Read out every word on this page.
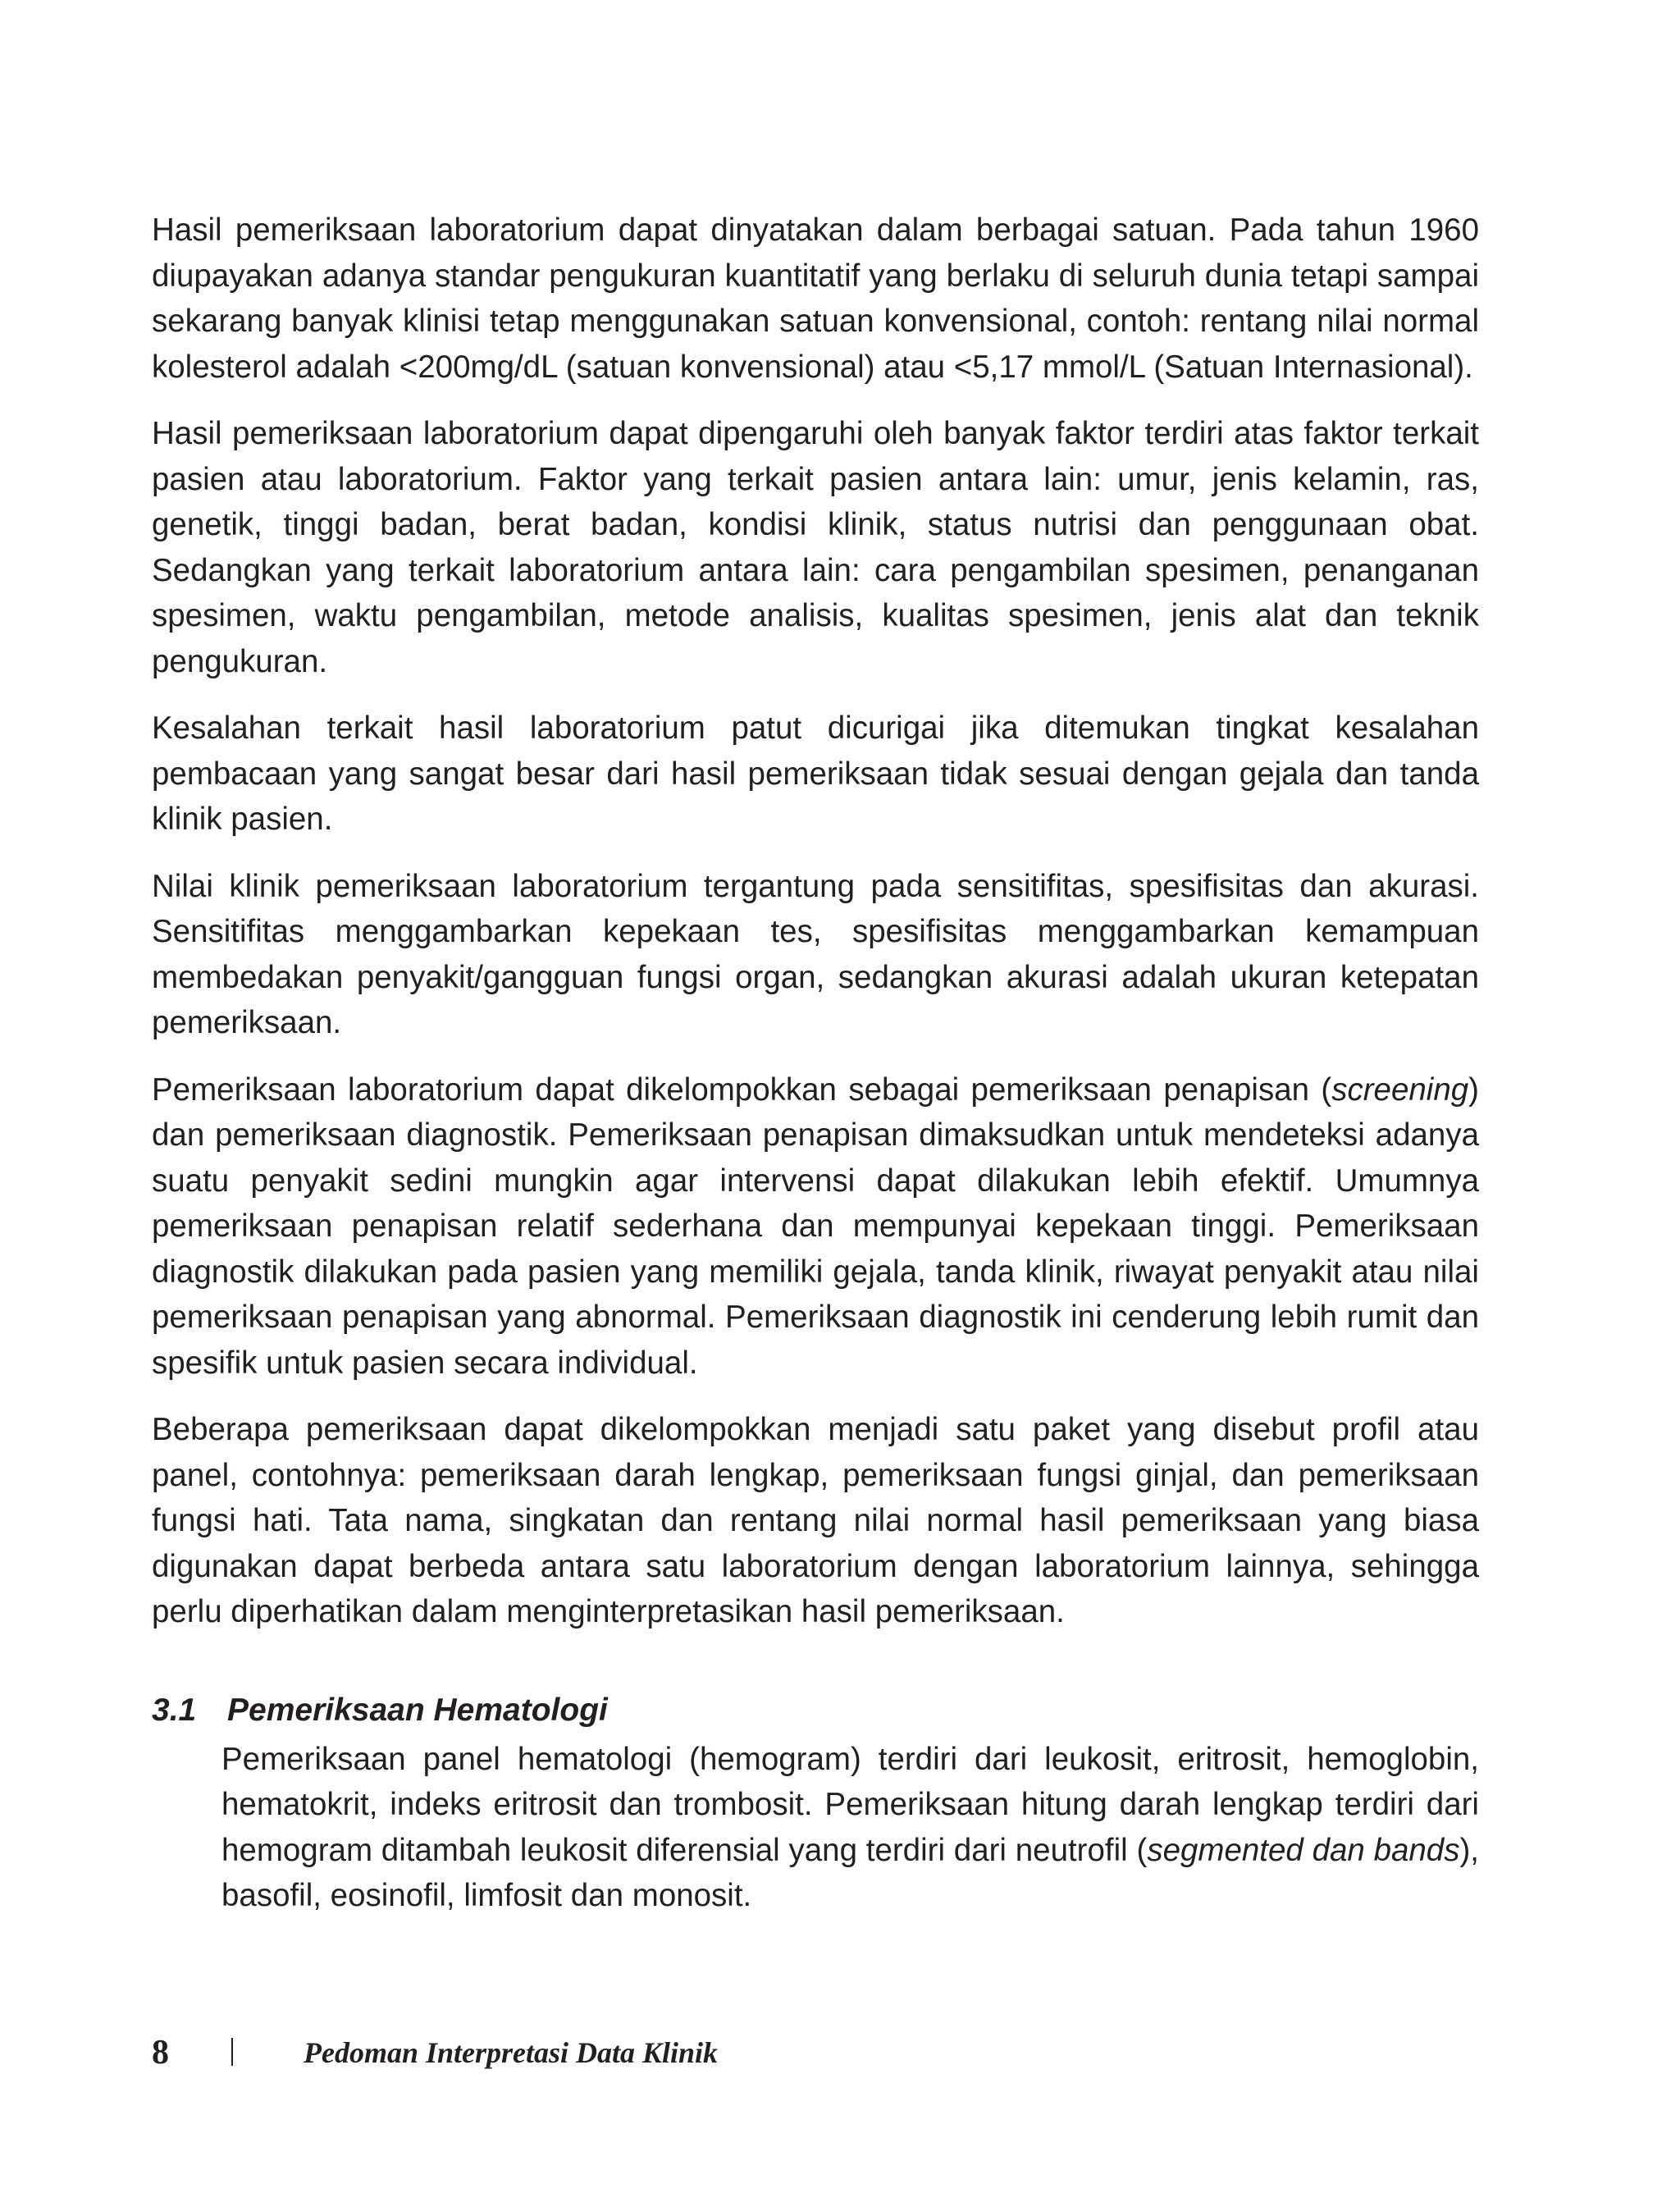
Hasil pemeriksaan laboratorium dapat dinyatakan dalam berbagai satuan. Pada tahun 1960 diupayakan adanya standar pengukuran kuantitatif yang berlaku di seluruh dunia tetapi sampai sekarang banyak klinisi tetap menggunakan satuan konvensional, contoh: rentang nilai normal kolesterol adalah <200mg/dL (satuan konvensional) atau <5,17 mmol/L (Satuan Internasional).

Hasil pemeriksaan laboratorium dapat dipengaruhi oleh banyak faktor terdiri atas faktor terkait pasien atau laboratorium. Faktor yang terkait pasien antara lain: umur, jenis kelamin, ras, genetik, tinggi badan, berat badan, kondisi klinik, status nutrisi dan penggunaan obat. Sedangkan yang terkait laboratorium antara lain: cara pengambilan spesimen, penanganan spesimen, waktu pengambilan, metode analisis, kualitas spesimen, jenis alat dan teknik pengukuran.

Kesalahan terkait hasil laboratorium patut dicurigai jika ditemukan tingkat kesalahan pembacaan yang sangat besar dari hasil pemeriksaan tidak sesuai dengan gejala dan tanda klinik pasien.

Nilai klinik pemeriksaan laboratorium tergantung pada sensitifitas, spesifisitas dan akurasi. Sensitifitas menggambarkan kepekaan tes, spesifisitas menggambarkan kemampuan membedakan penyakit/gangguan fungsi organ, sedangkan akurasi adalah ukuran ketepatan pemeriksaan.

Pemeriksaan laboratorium dapat dikelompokkan sebagai pemeriksaan penapisan (screening) dan pemeriksaan diagnostik. Pemeriksaan penapisan dimaksudkan untuk mendeteksi adanya suatu penyakit sedini mungkin agar intervensi dapat dilakukan lebih efektif. Umumnya pemeriksaan penapisan relatif sederhana dan mempunyai kepekaan tinggi. Pemeriksaan diagnostik dilakukan pada pasien yang memiliki gejala, tanda klinik, riwayat penyakit atau nilai pemeriksaan penapisan yang abnormal. Pemeriksaan diagnostik ini cenderung lebih rumit dan spesifik untuk pasien secara individual.

Beberapa pemeriksaan dapat dikelompokkan menjadi satu paket yang disebut profil atau panel, contohnya: pemeriksaan darah lengkap, pemeriksaan fungsi ginjal, dan pemeriksaan fungsi hati. Tata nama, singkatan dan rentang nilai normal hasil pemeriksaan yang biasa digunakan dapat berbeda antara satu laboratorium dengan laboratorium lainnya, sehingga perlu diperhatikan dalam menginterpretasikan hasil pemeriksaan.

3.1 Pemeriksaan Hematologi

Pemeriksaan panel hematologi (hemogram) terdiri dari leukosit, eritrosit, hemoglobin, hematokrit, indeks eritrosit dan trombosit. Pemeriksaan hitung darah lengkap terdiri dari hemogram ditambah leukosit diferensial yang terdiri dari neutrofil (segmented dan bands), basofil, eosinofil, limfosit dan monosit.

8	Pedoman Interpretasi Data Klinik
